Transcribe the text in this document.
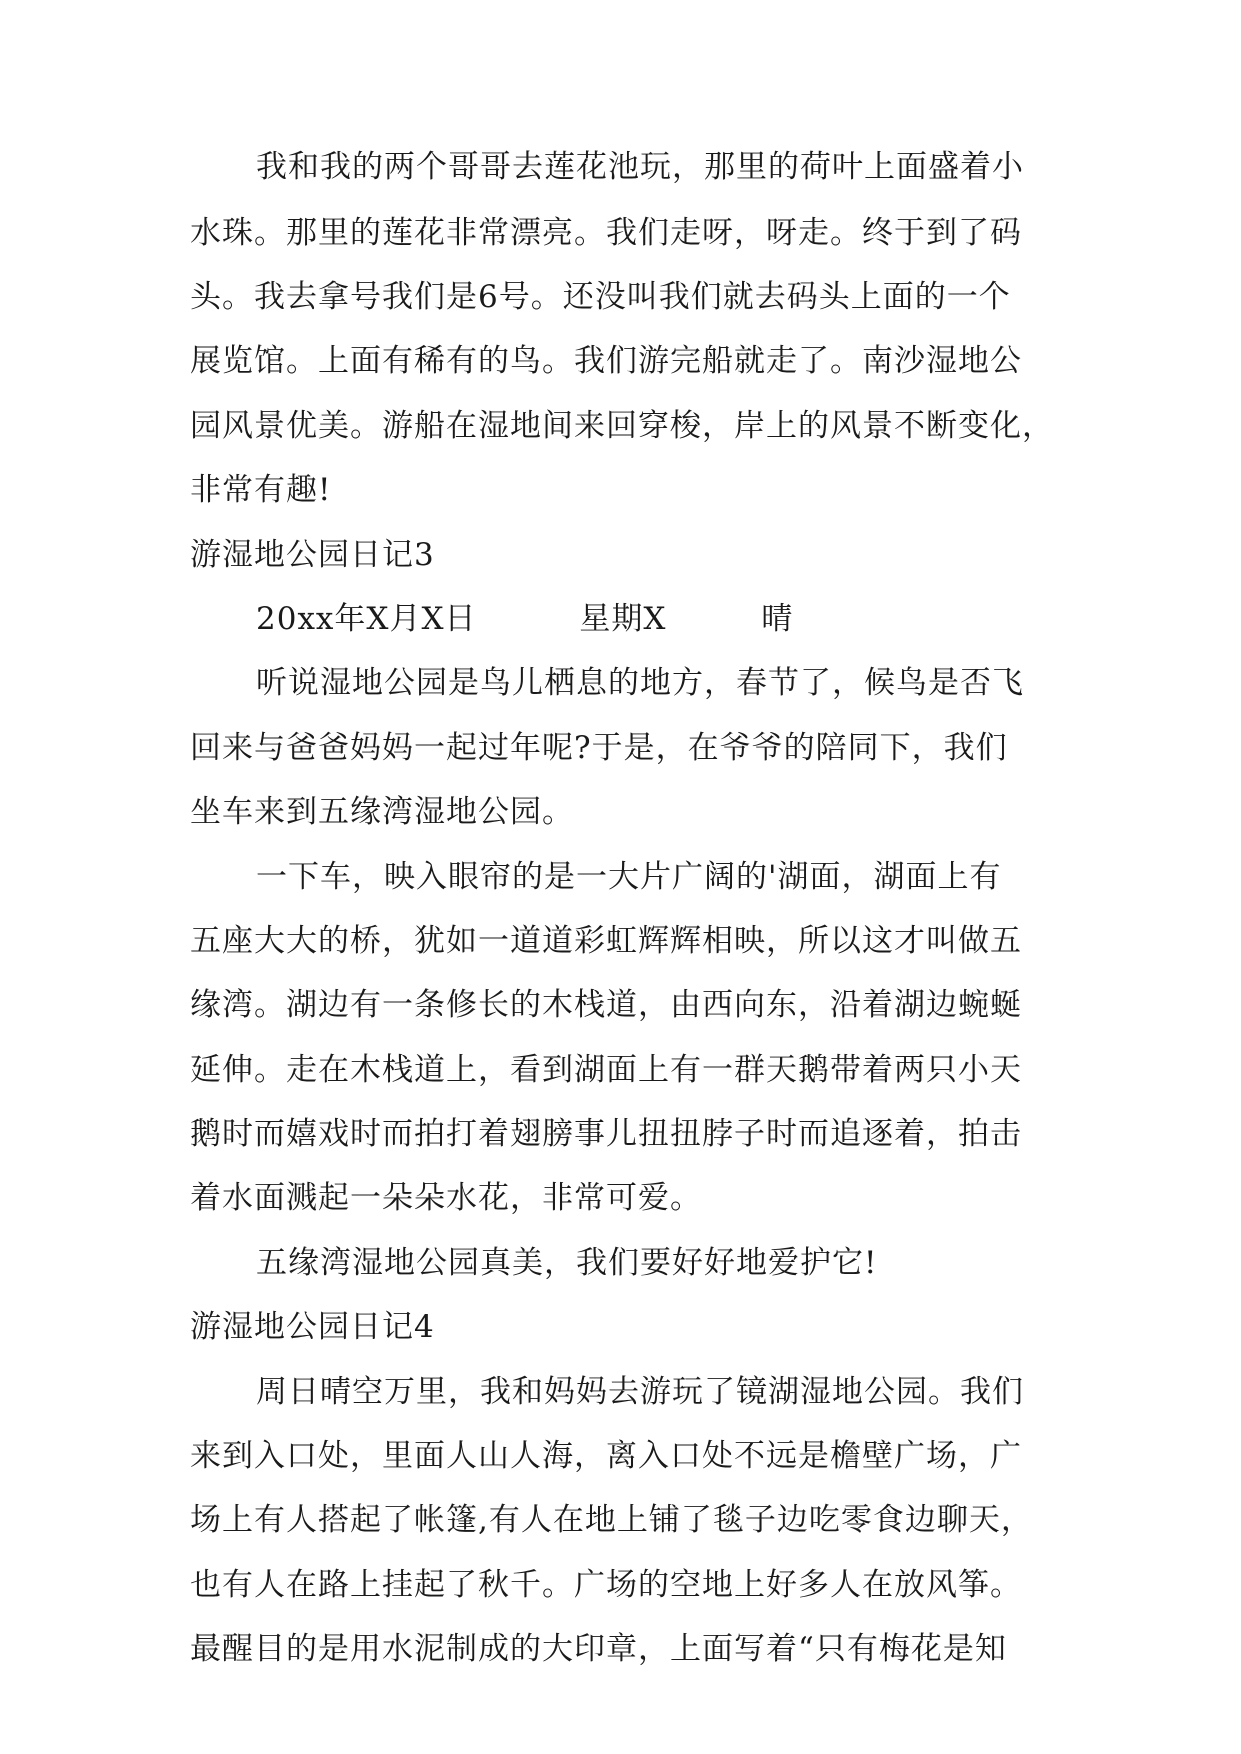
我和我的两个哥哥去莲花池玩，那里的荷叶上面盛着小
水珠。那里的莲花非常漂亮。我们走呀，呀走。终于到了码
头。我去拿号我们是6号。还没叫我们就去码头上面的一个
展览馆。上面有稀有的鸟。我们游完船就走了。南沙湿地公
园风景优美。游船在湿地间来回穿梭，岸上的风景不断变化，
非常有趣!
游湿地公园日记3
20xx年X月X日	星期X	晴
听说湿地公园是鸟儿栖息的地方，春节了，候鸟是否飞
回来与爸爸妈妈一起过年呢?于是，在爷爷的陪同下，我们
坐车来到五缘湾湿地公园。
一下车，映入眼帘的是一大片广阔的'湖面，湖面上有
五座大大的桥，犹如一道道彩虹辉辉相映，所以这才叫做五
缘湾。湖边有一条修长的木栈道，由西向东，沿着湖边蜿蜒
延伸。走在木栈道上，看到湖面上有一群天鹅带着两只小天
鹅时而嬉戏时而拍打着翅膀事儿扭扭脖子时而追逐着，拍击
着水面溅起一朵朵水花，非常可爱。
五缘湾湿地公园真美，我们要好好地爱护它!
游湿地公园日记4
周日晴空万里，我和妈妈去游玩了镜湖湿地公园。我们
来到入口处，里面人山人海，离入口处不远是檐壁广场，广
场上有人搭起了帐篷,有人在地上铺了毯子边吃零食边聊天，
也有人在路上挂起了秋千。广场的空地上好多人在放风筝。
最醒目的是用水泥制成的大印章，上面写着“只有梅花是知
